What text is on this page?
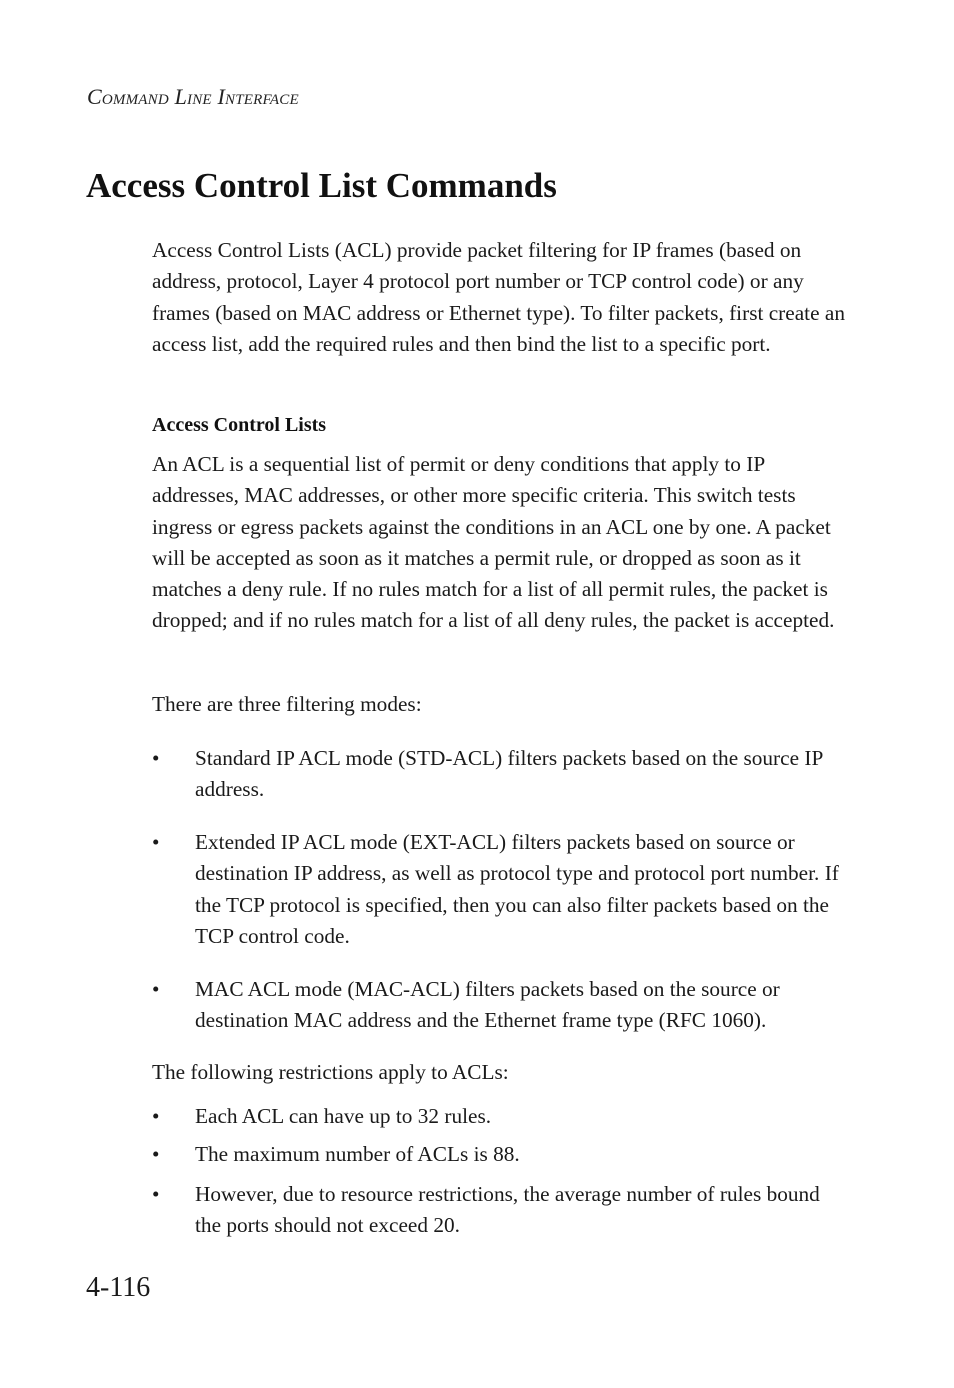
Command Line Interface
Access Control List Commands
Access Control Lists (ACL) provide packet filtering for IP frames (based on address, protocol, Layer 4 protocol port number or TCP control code) or any frames (based on MAC address or Ethernet type). To filter packets, first create an access list, add the required rules and then bind the list to a specific port.
Access Control Lists
An ACL is a sequential list of permit or deny conditions that apply to IP addresses, MAC addresses, or other more specific criteria. This switch tests ingress or egress packets against the conditions in an ACL one by one. A packet will be accepted as soon as it matches a permit rule, or dropped as soon as it matches a deny rule. If no rules match for a list of all permit rules, the packet is dropped; and if no rules match for a list of all deny rules, the packet is accepted.
There are three filtering modes:
• Standard IP ACL mode (STD-ACL) filters packets based on the source IP address.
• Extended IP ACL mode (EXT-ACL) filters packets based on source or destination IP address, as well as protocol type and protocol port number. If the TCP protocol is specified, then you can also filter packets based on the TCP control code.
• MAC ACL mode (MAC-ACL) filters packets based on the source or destination MAC address and the Ethernet frame type (RFC 1060).
The following restrictions apply to ACLs:
• Each ACL can have up to 32 rules.
• The maximum number of ACLs is 88.
• However, due to resource restrictions, the average number of rules bound the ports should not exceed 20.
4-116
